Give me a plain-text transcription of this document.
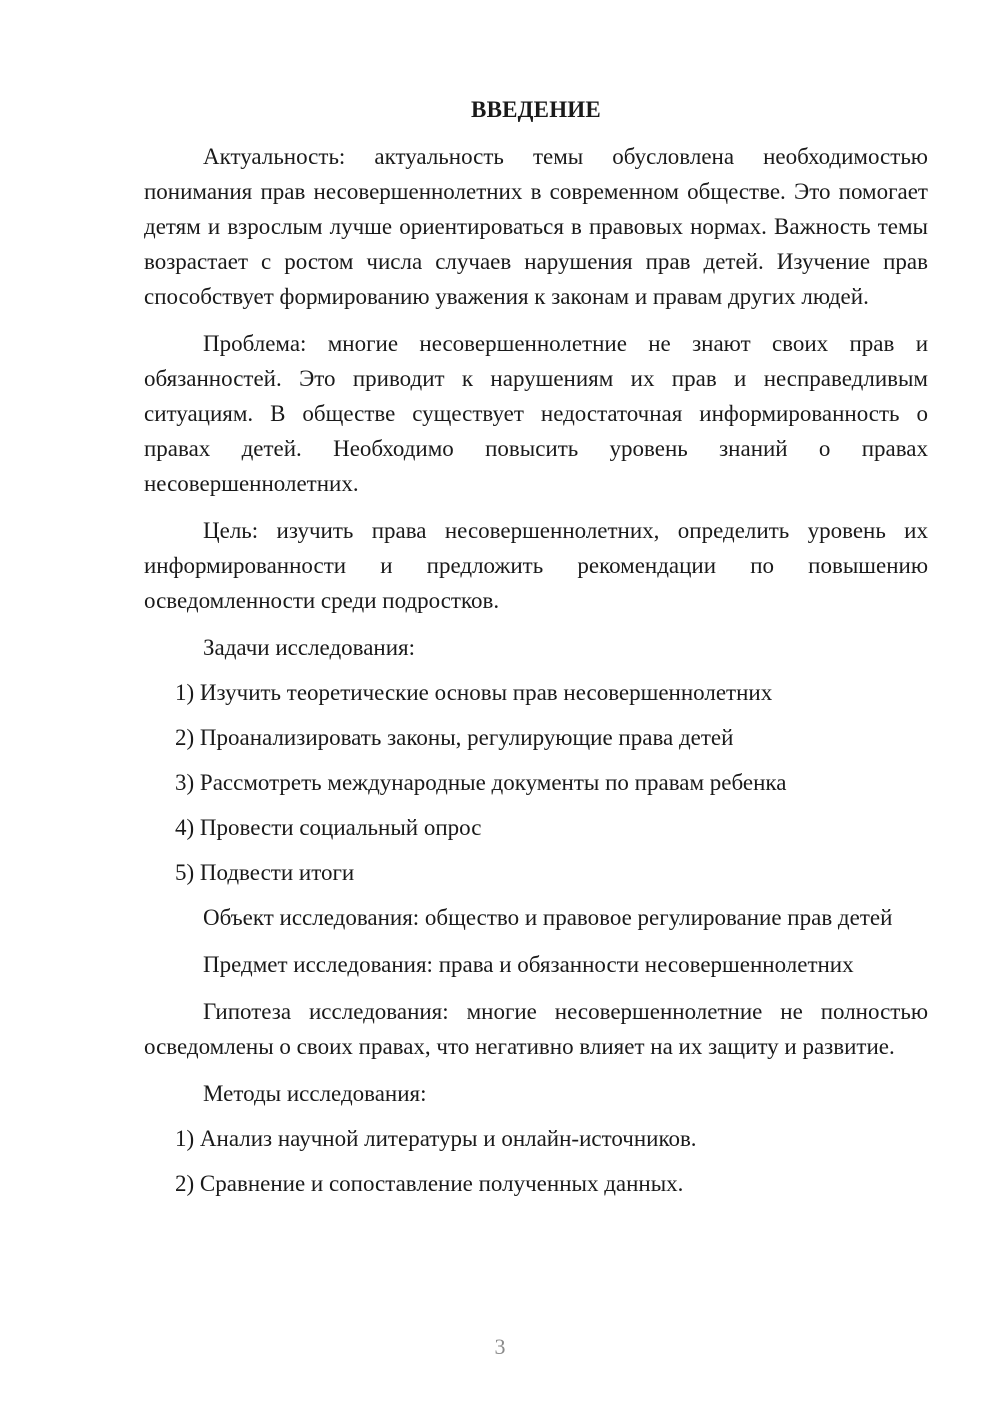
ВВЕДЕНИЕ

Актуальность: актуальность темы обусловлена необходимостью понимания прав несовершеннолетних в современном обществе. Это помогает детям и взрослым лучше ориентироваться в правовых нормах. Важность темы возрастает с ростом числа случаев нарушения прав детей. Изучение прав способствует формированию уважения к законам и правам других людей.

Проблема: многие несовершеннолетние не знают своих прав и обязанностей. Это приводит к нарушениям их прав и несправедливым ситуациям. В обществе существует недостаточная информированность о правах детей. Необходимо повысить уровень знаний о правах несовершеннолетних.

Цель: изучить права несовершеннолетних, определить уровень их информированности и предложить рекомендации по повышению осведомленности среди подростков.

Задачи исследования:
1) Изучить теоретические основы прав несовершеннолетних
2) Проанализировать законы, регулирующие права детей
3) Рассмотреть международные документы по правам ребенка
4) Провести социальный опрос
5) Подвести итоги

Объект исследования: общество и правовое регулирование прав детей

Предмет исследования: права и обязанности несовершеннолетних

Гипотеза исследования: многие несовершеннолетние не полностью осведомлены о своих правах, что негативно влияет на их защиту и развитие.

Методы исследования:
1) Анализ научной литературы и онлайн-источников.
2) Сравнение и сопоставление полученных данных.
3
